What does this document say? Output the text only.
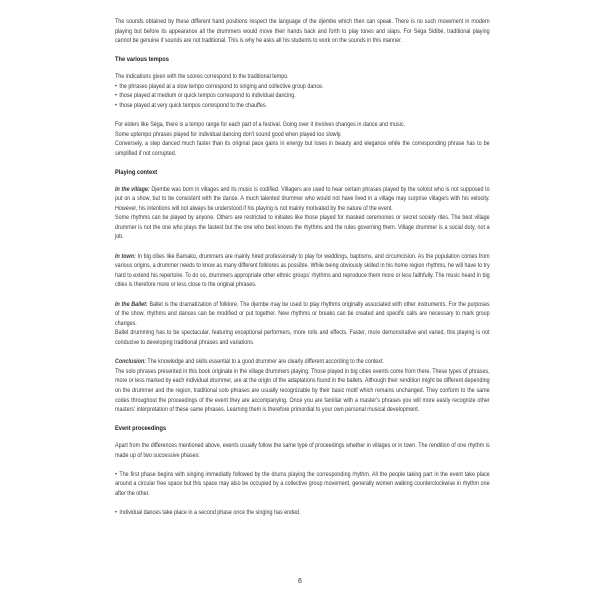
The sounds obtained by these different hand positions respect the language of the djembe which then can speak. There is no such movement in modern playing but before its appearance all the drummers would move their hands back and forth to play tones and slaps. For Séga Sidibé, traditional playing cannot be genuine if sounds are not traditional. This is why he asks all his students to work on the sounds in this manner.

The various tempos

The indications given with the scores correspond to the traditional tempo.

• the phrases played at a slow tempo correspond to singing and collective group dance.

• those played at medium or quick tempos correspond to individual dancing.

• those played at very quick tempos correspond to the chauffes.

For elders like Séga, there is a tempo range for each part of a festival. Going over it involves changes in dance and music.

Some uptempo phrases played for individual dancing don't sound good when played too slowly.

Conversely, a step danced much faster than its original pace gains in energy but loses in beauty and elegance while the corresponding phrase has to be simplified if not corrupted.

Playing context

In the village: Djembe was born in villages and its music is codified. Villagers are used to hear certain phrases played by the soloist who is not supposed to put on a show, but to be consistent with the dance. A much talented drummer who would not have lived in a village may surprise villagers with his velocity. However, his intentions will not always be understood if his playing is not mainly motivated by the nature of the event.

Some rhythms can be played by anyone. Others are restricted to initiates like those played for masked ceremonies or secret society rites. The best village drummer is not the one who plays the fastest but the one who best knows the rhythms and the rules governing them. Village drummer is a social duty, not a job.

In town: In big cities like Bamako, drummers are mainly hired professionaly to play for weddings, baptisms, and circumcision. As the population comes from various origins, a drummer needs to know as many different folklores as possible. While being obviously skilled in his home region rhythms, he will have to try hard to extend his repertoire. To do so, drummers appropriate other ethnic groups' rhythms and reproduce them more or less faithfully. The music heard in big cities is therefore more or less close to the original phrases.

In the Ballet: Ballet is the dramatization of folklore. The djembe may be used to play rhythms originally associated with other instruments. For the purposes of the show, rhythms and dances can be modified or put together. New rhythms or breaks can be created and specific calls are necessary to mark group changes.

Ballet drumming has to be spectacular, featuring exceptional performers, more rolls and effects. Faster, more demonstrative and varied, this playing is not conducive to developing traditional phrases and variations.

Conclusion: The knowledge and skills essential to a good drummer are clearly different according to the context.

The solo phrases presented in this book originate in the village drummers playing. Those played in big cities events come from there. These types of phrases, more or less marked by each individual drummer, are at the origin of the adaptations found in the ballets. Although their rendition might be different depending on the drummer and the region, traditional solo phrases are usually recognizable by their basic motif which remains unchanged. They conform to the same codes throughout the proceedings of the event they are accompanying. Once you are familiar with a master's phrases you will more easily recognize other masters' interpretation of these same phrases. Learning them is therefore primordial to your own personal musical development.

Event proceedings

Apart from the differences mentioned above, events usually follow the same type of proceedings whether in villages or in town. The rendition of one rhythm is made up of two successive phases:

• The first phase begins with singing immediatly followed by the drums playing the corresponding rhythm. All the people taking part in the event take place around a circular free space but this space may also be occupied by a collective group movement, generally women walking counterclockwise in rhythm one after the other.

• Individual dances take place in a second phase once the singing has ended.

6
